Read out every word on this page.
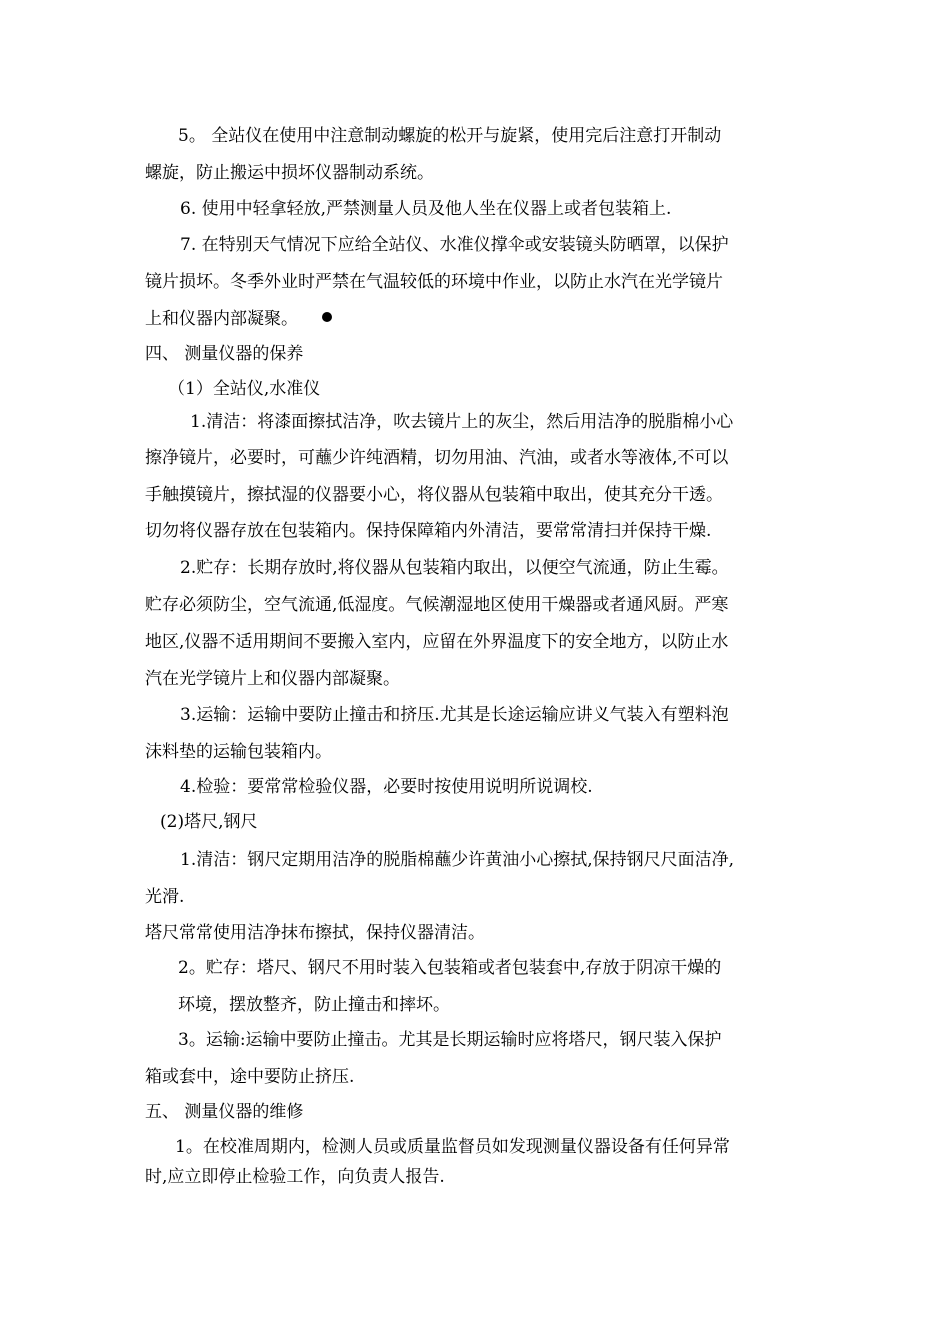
5。 全站仪在使用中注意制动螺旋的松开与旋紧，使用完后注意打开制动
螺旋，防止搬运中损坏仪器制动系统。
6. 使用中轻拿轻放,严禁测量人员及他人坐在仪器上或者包装箱上.
7. 在特别天气情况下应给全站仪、水准仪撑伞或安装镜头防晒罩，以保护
镜片损坏。冬季外业时严禁在气温较低的环境中作业，以防止水汽在光学镜片
上和仪器内部凝聚。
四、 测量仪器的保养
（1）全站仪,水准仪
1.清洁：将漆面擦拭洁净，吹去镜片上的灰尘，然后用洁净的脱脂棉小心
擦净镜片，必要时，可蘸少许纯酒精，切勿用油、汽油，或者水等液体,不可以
手触摸镜片，擦拭湿的仪器要小心，将仪器从包装箱中取出，使其充分干透。
切勿将仪器存放在包装箱内。保持保障箱内外清洁，要常常清扫并保持干燥.
2.贮存：长期存放时,将仪器从包装箱内取出，以便空气流通，防止生霉。
贮存必须防尘，空气流通,低湿度。气候潮湿地区使用干燥器或者通风厨。严寒
地区,仪器不适用期间不要搬入室内，应留在外界温度下的安全地方，以防止水
汽在光学镜片上和仪器内部凝聚。
3.运输：运输中要防止撞击和挤压.尤其是长途运输应讲义气装入有塑料泡
沫料垫的运输包装箱内。
4.检验：要常常检验仪器，必要时按使用说明所说调校.
(2)塔尺,钢尺
1.清洁：钢尺定期用洁净的脱脂棉蘸少许黄油小心擦拭,保持钢尺尺面洁净,
光滑.
塔尺常常使用洁净抹布擦拭，保持仪器清洁。
2。贮存：塔尺、钢尺不用时装入包装箱或者包装套中,存放于阴凉干燥的
环境，摆放整齐，防止撞击和摔坏。
3。运输:运输中要防止撞击。尤其是长期运输时应将塔尺，钢尺装入保护
箱或套中，途中要防止挤压.
五、 测量仪器的维修
1。在校准周期内，检测人员或质量监督员如发现测量仪器设备有任何异常
时,应立即停止检验工作，向负责人报告.
